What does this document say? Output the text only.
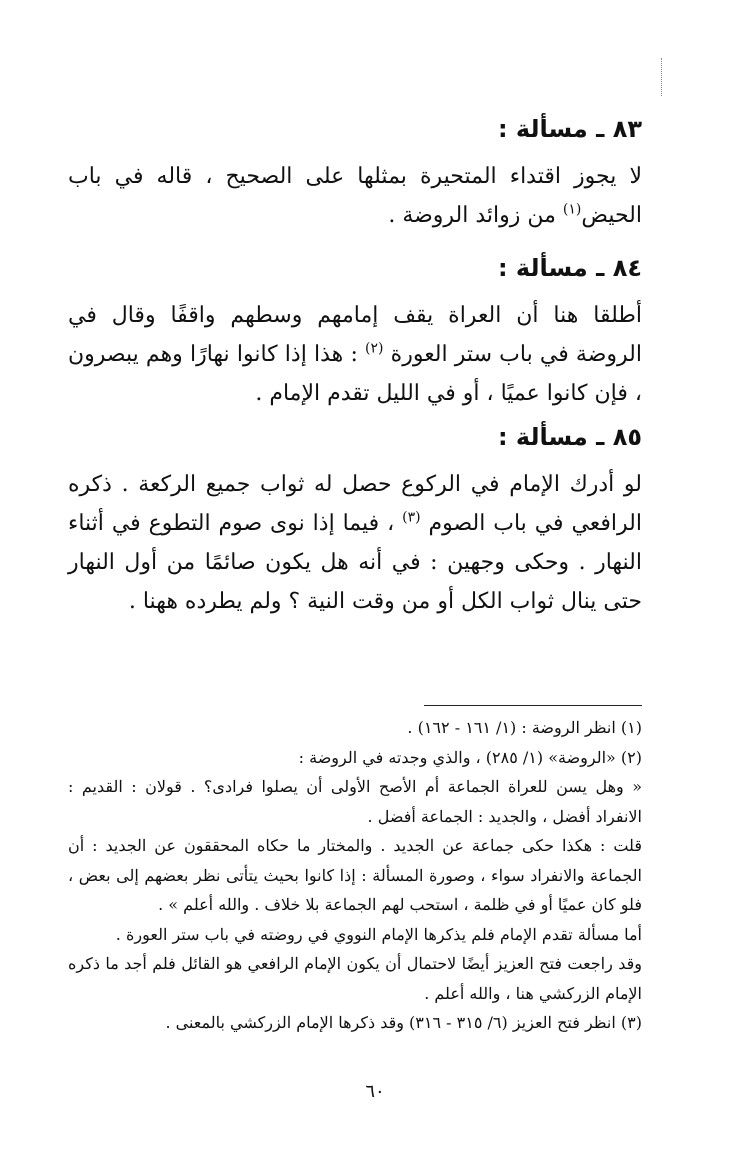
٨٣ ـ مسألة :
لا يجوز اقتداء المتحيرة بمثلها على الصحيح ، قاله في باب الحيض$^{(١)}$ من زوائد الروضة .
٨٤ ـ مسألة :
أطلقا هنا أن العراة يقف إمامهم وسطهم واقفًا وقال في الروضة في باب ستر العورة $^{(٢)}$ : هذا إذا كانوا نهارًا وهم يبصرون ، فإن كانوا عميًا ، أو في الليل تقدم الإمام .
٨٥ ـ مسألة :
لو أدرك الإمام في الركوع حصل له ثواب جميع الركعة . ذكره الرافعي في باب الصوم $^{(٣)}$ ، فيما إذا نوى صوم التطوع في أثناء النهار . وحكى وجهين : في أنه هل يكون صائمًا من أول النهار حتى ينال ثواب الكل أو من وقت النية ؟ ولم يطرده ههنا .

(١) انظر الروضة : (١/ ١٦١ - ١٦٢) .

(٢) «الروضة» (١/ ٢٨٥) ، والذي وجدته في الروضة :

« وهل يسن للعراة الجماعة أم الأصح الأولى أن يصلوا فرادى؟ . قولان : القديم : الانفراد أفضل ، والجديد : الجماعة أفضل .

قلت : هكذا حكى جماعة عن الجديد . والمختار ما حكاه المحققون عن الجديد : أن الجماعة والانفراد سواء ، وصورة المسألة : إذا كانوا بحيث يتأتى نظر بعضهم إلى بعض ، فلو كان عميًا أو في ظلمة ، استحب لهم الجماعة بلا خلاف . والله أعلم » .

أما مسألة تقدم الإمام فلم يذكرها الإمام النووي في روضته في باب ستر العورة .

وقد راجعت فتح العزيز أيضًا لاحتمال أن يكون الإمام الرافعي هو القائل فلم أجد ما ذكره الإمام الزركشي هنا ، والله أعلم .

(٣) انظر فتح العزيز (٦/ ٣١٥ - ٣١٦) وقد ذكرها الإمام الزركشي بالمعنى .

٦٠
